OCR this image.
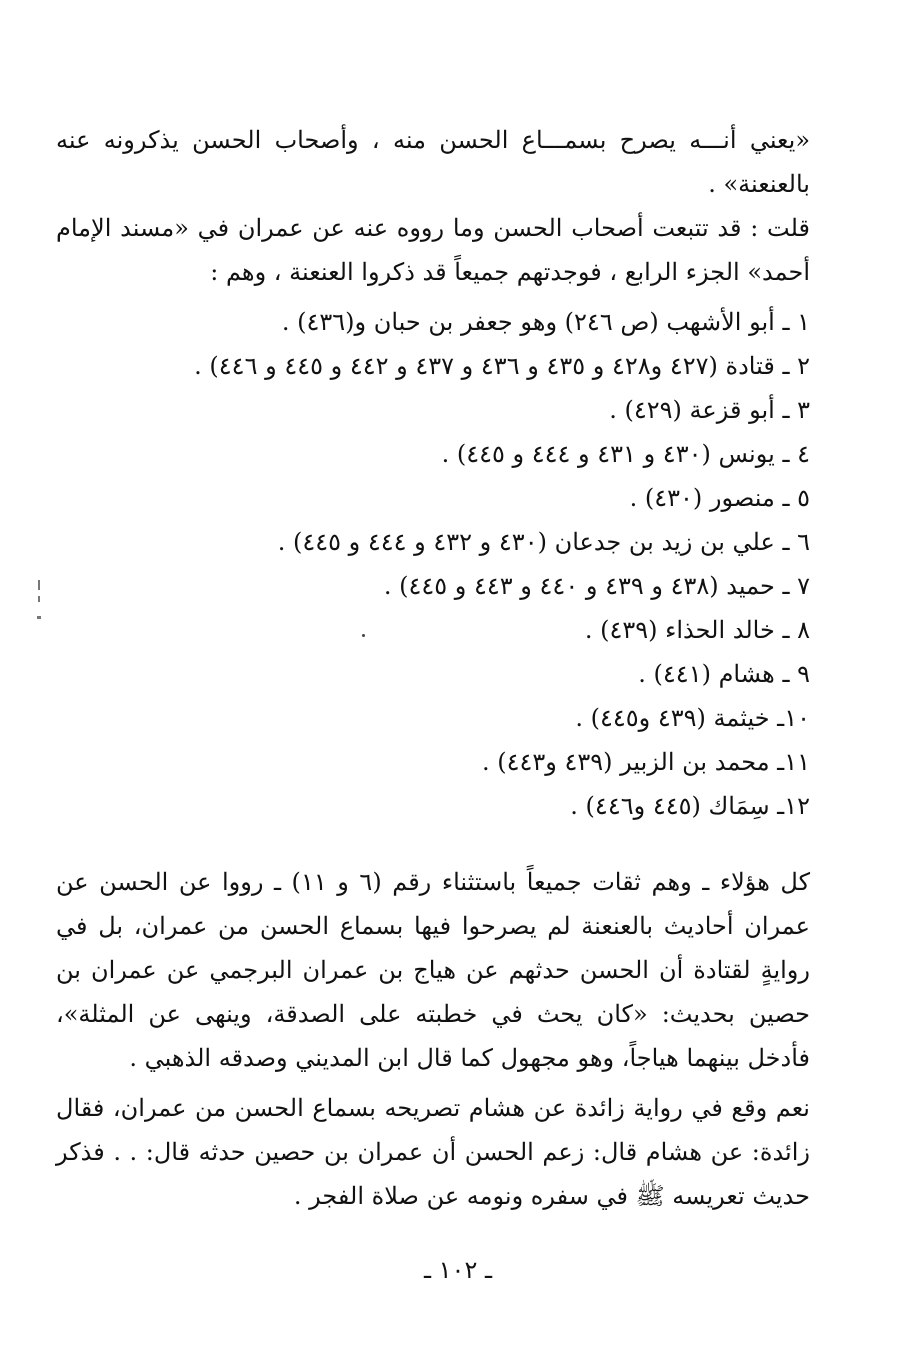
«يعني أنـــه يصرح بسمـــاع الحسن منه ، وأصحاب الحسن يذكرونه عنه بالعنعنة» .

قلت : قد تتبعت أصحاب الحسن وما رووه عنه عن عمران في «مسند الإمام أحمد» الجزء الرابع ، فوجدتهم جميعاً قد ذكروا العنعنة ، وهم :

١ ـ أبو الأشهب (ص ٢٤٦) وهو جعفر بن حبان و(٤٣٦) .
٢ ـ قتادة (٤٢٧ و٤٢٨ و ٤٣٥ و ٤٣٦ و ٤٣٧ و ٤٤٢ و ٤٤٥ و ٤٤٦) .
٣ ـ أبو قزعة (٤٢٩) .
٤ ـ يونس (٤٣٠ و ٤٣١ و ٤٤٤ و ٤٤٥) .
٥ ـ منصور (٤٣٠) .
٦ ـ علي بن زيد بن جدعان (٤٣٠ و ٤٣٢ و ٤٤٤ و ٤٤٥) .
٧ ـ حميد (٤٣٨ و ٤٣٩ و ٤٤٠ و ٤٤٣ و ٤٤٥) .
٨ ـ خالد الحذاء (٤٣٩) .
٩ ـ هشام (٤٤١) .
١٠ـ خيثمة (٤٣٩ و٤٤٥) .
١١ـ محمد بن الزبير (٤٣٩ و٤٤٣) .
١٢ـ سِمَاك (٤٤٥ و٤٤٦) .

كل هؤلاء ـ وهم ثقات جميعاً باستثناء رقم (٦ و ١١) ـ رووا عن الحسن عن عمران أحاديث بالعنعنة لم يصرحوا فيها بسماع الحسن من عمران، بل في روايةٍ لقتادة أن الحسن حدثهم عن هياج بن عمران البرجمي عن عمران بن حصين بحديث: «كان يحث في خطبته على الصدقة، وينهى عن المثلة»، فأدخل بينهما هياجاً، وهو مجهول كما قال ابن المديني وصدقه الذهبي .

نعم وقع في رواية زائدة عن هشام تصريحه بسماع الحسن من عمران، فقال زائدة: عن هشام قال: زعم الحسن أن عمران بن حصين حدثه قال: . . فذكر حديث تعريسه ﷺ في سفره ونومه عن صلاة الفجر .

ـ ١٠٢ ـ
